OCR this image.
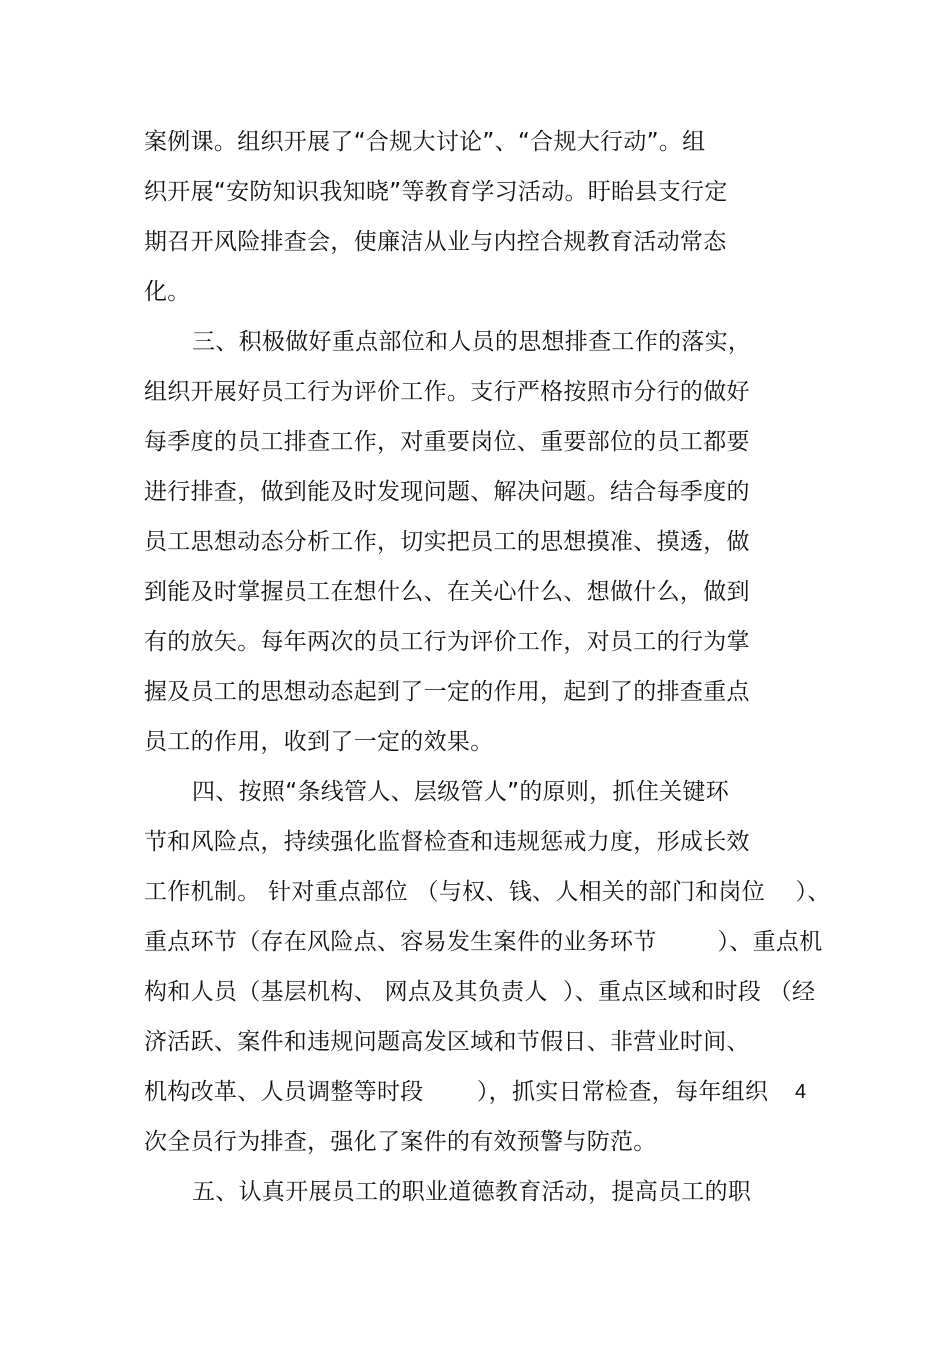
案例课。组织开展了“合规大讨论”、“合规大行动”。组
织开展“安防知识我知晓”等教育学习活动。盱眙县支行定
期召开风险排查会，使廉洁从业与内控合规教育活动常态
化。
三、积极做好重点部位和人员的思想排查工作的落实，
组织开展好员工行为评价工作。支行严格按照市分行的做好
每季度的员工排查工作，对重要岗位、重要部位的员工都要
进行排查，做到能及时发现问题、解决问题。结合每季度的
员工思想动态分析工作，切实把员工的思想摸准、摸透，做
到能及时掌握员工在想什么、在关心什么、想做什么，做到
有的放矢。每年两次的员工行为评价工作，对员工的行为掌
握及员工的思想动态起到了一定的作用，起到了的排查重点
员工的作用，收到了一定的效果。
四、按照“条线管人、层级管人”的原则，抓住关键环
节和风险点，持续强化监督检查和违规惩戒力度，形成长效
工作机制。 针对重点部位 （与权、钱、人相关的部门和岗位    ）、
重点环节（存在风险点、容易发生案件的业务环节        ）、重点机
构和人员（基层机构、 网点及其负责人  ）、重点区域和时段 （经
济活跃、案件和违规问题高发区域和节假日、非营业时间、
机构改革、人员调整等时段       ），抓实日常检查，每年组织 4
次全员行为排查，强化了案件的有效预警与防范。
五、认真开展员工的职业道德教育活动，提高员工的职
